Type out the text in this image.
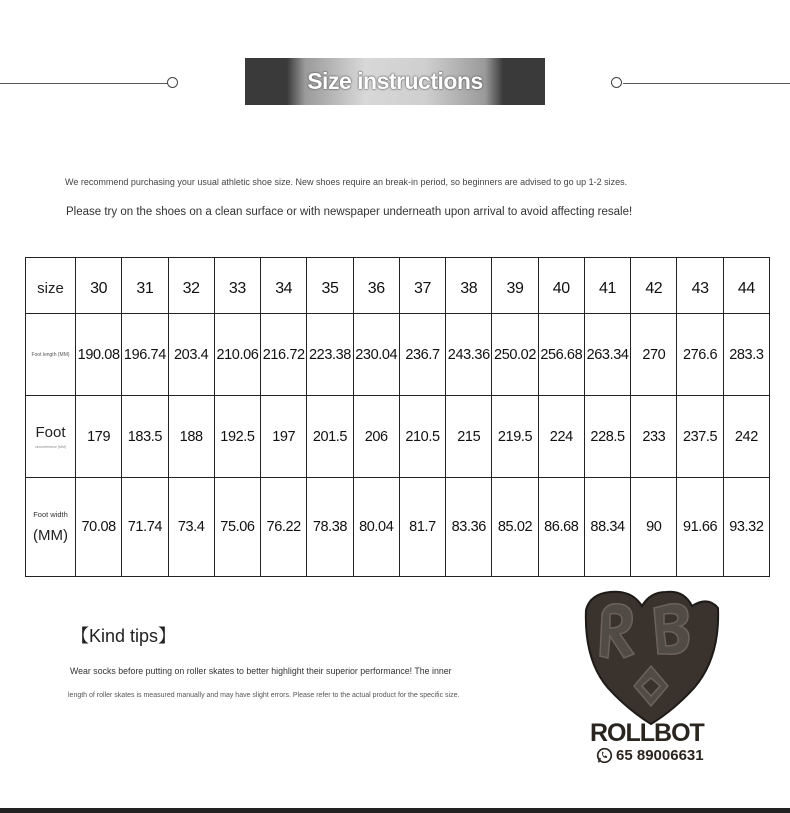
Size instructions
We recommend purchasing your usual athletic shoe size. New shoes require an break-in period, so beginners are advised to go up 1-2 sizes.
Please try on the shoes on a clean surface or with newspaper underneath upon arrival to avoid affecting resale!
size	30	31	32	33	34	35	36	37	38	39	40	41	42	43	44

Foot length (MM)	190.08	196.74	203.4	210.06	216.72	223.38	230.04	236.7	243.36	250.02	256.68	263.34	270	276.6	283.3

Foot
circumference (MM)	179	183.5	188	192.5	197	201.5	206	210.5	215	219.5	224	228.5	233	237.5	242

Foot width
(MM)	70.08	71.74	73.4	75.06	76.22	78.38	80.04	81.7	83.36	85.02	86.68	88.34	90	91.66	93.32
【Kind tips】
Wear socks before putting on roller skates to better highlight their superior performance! The inner
length of roller skates is measured manually and may have slight errors. Please refer to the actual product for the specific size.
ROLLBOT
65 89006631
